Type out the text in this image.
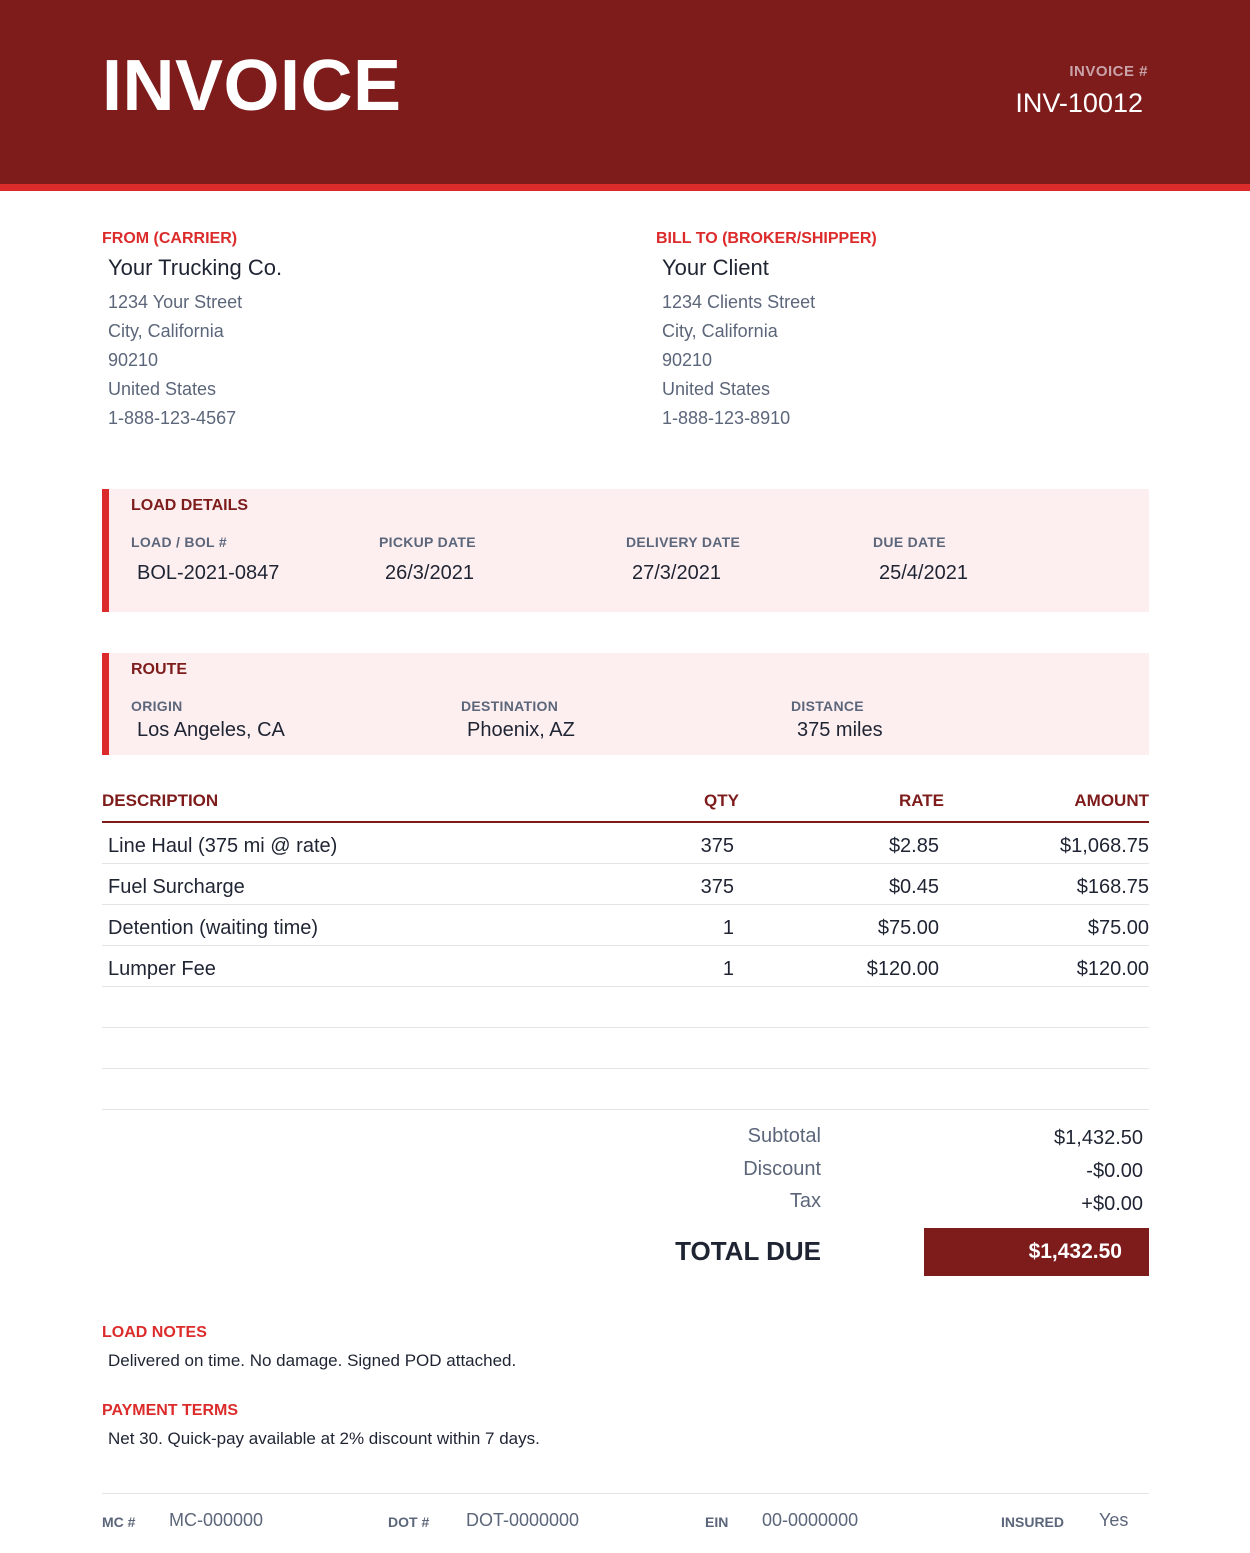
INVOICE	INVOICE #
INV-10012
FROM (CARRIER)
Your Trucking Co.
1234 Your Street
City, California
90210
United States
1-888-123-4567
BILL TO (BROKER/SHIPPER)
Your Client
1234 Clients Street
City, California
90210
United States
1-888-123-8910
LOAD DETAILS
LOAD / BOL #
BOL-2021-0847
PICKUP DATE
26/3/2021
DELIVERY DATE
27/3/2021
DUE DATE
25/4/2021
ROUTE
ORIGIN
Los Angeles, CA
DESTINATION
Phoenix, AZ
DISTANCE
375 miles
DESCRIPTION	QTY	RATE	AMOUNT
Line Haul (375 mi @ rate)	375	$2.85	$1,068.75
Fuel Surcharge	375	$0.45	$168.75
Detention (waiting time)	1	$75.00	$75.00
Lumper Fee	1	$120.00	$120.00
Subtotal	$1,432.50
Discount	-$0.00
Tax	+$0.00
TOTAL DUE	$1,432.50
LOAD NOTES
Delivered on time. No damage. Signed POD attached.
PAYMENT TERMS
Net 30. Quick-pay available at 2% discount within 7 days.
MC # MC-000000	DOT # DOT-0000000	EIN 00-0000000	INSURED Yes
